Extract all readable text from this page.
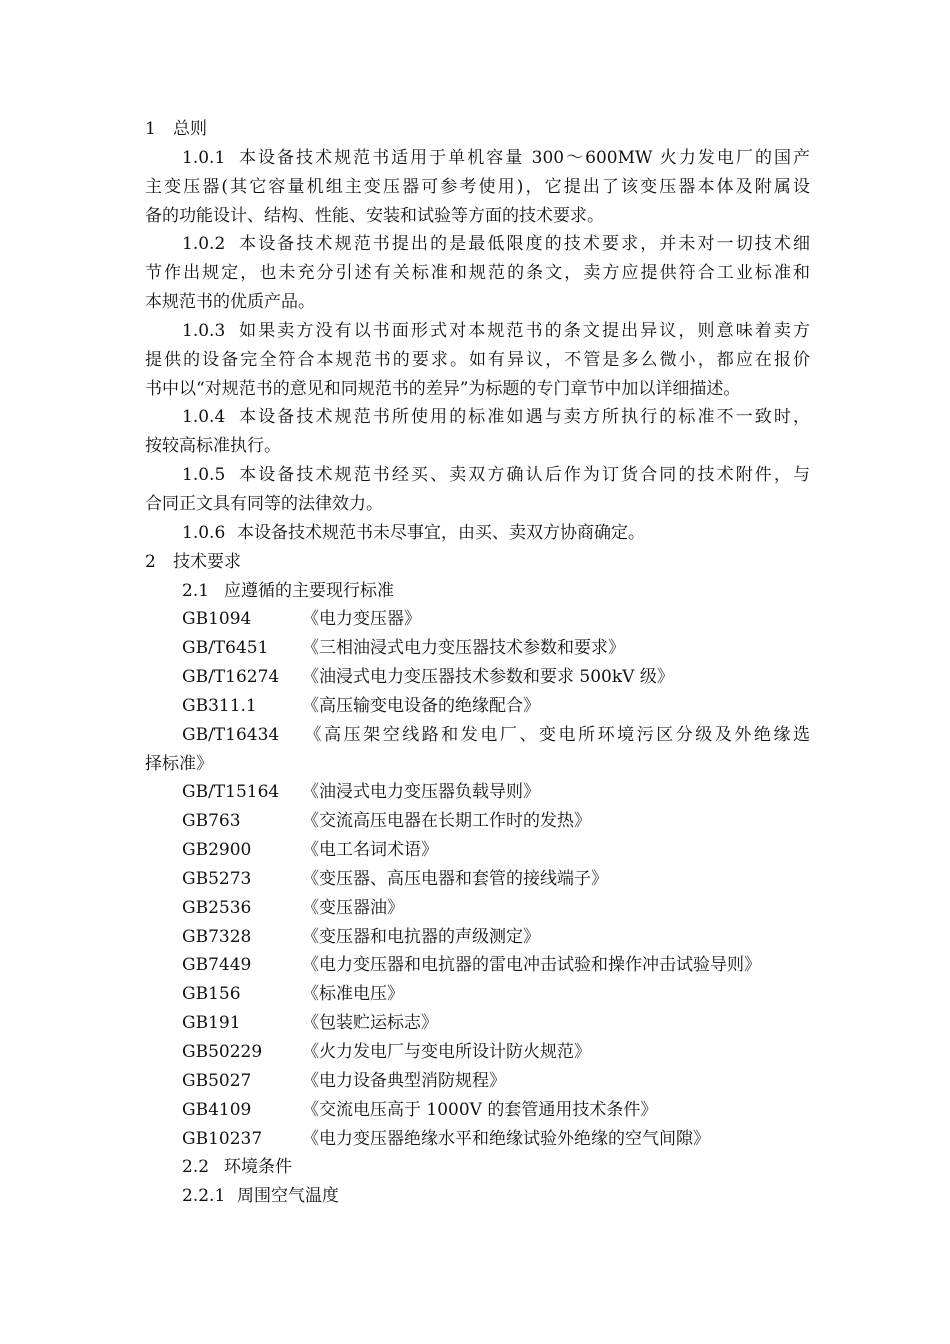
1 总则
1.0.1 本设备技术规范书适用于单机容量 300～600MW 火力发电厂的国产
主变压器(其它容量机组主变压器可参考使用)，它提出了该变压器本体及附属设
备的功能设计、结构、性能、安装和试验等方面的技术要求。
1.0.2 本设备技术规范书提出的是最低限度的技术要求，并未对一切技术细
节作出规定，也未充分引述有关标准和规范的条文，卖方应提供符合工业标准和
本规范书的优质产品。
1.0.3 如果卖方没有以书面形式对本规范书的条文提出异议，则意味着卖方
提供的设备完全符合本规范书的要求。如有异议，不管是多么微小，都应在报价
书中以“对规范书的意见和同规范书的差异”为标题的专门章节中加以详细描述。
1.0.4 本设备技术规范书所使用的标准如遇与卖方所执行的标准不一致时，
按较高标准执行。
1.0.5 本设备技术规范书经买、卖双方确认后作为订货合同的技术附件，与
合同正文具有同等的法律效力。
1.0.6 本设备技术规范书未尽事宜，由买、卖双方协商确定。
2 技术要求
2.1 应遵循的主要现行标准
GB1094	《电力变压器》
GB/T6451 《三相油浸式电力变压器技术参数和要求》
GB/T16274 《油浸式电力变压器技术参数和要求 500kV 级》
GB311.1	《高压输变电设备的绝缘配合》
GB/T16434 《高压架空线路和发电厂、变电所环境污区分级及外绝缘选
择标准》
GB/T15164 《油浸式电力变压器负载导则》
GB763	《交流高压电器在长期工作时的发热》
GB2900	《电工名词术语》
GB5273	《变压器、高压电器和套管的接线端子》
GB2536	《变压器油》
GB7328	《变压器和电抗器的声级测定》
GB7449	《电力变压器和电抗器的雷电冲击试验和操作冲击试验导则》
GB156	《标准电压》
GB191	《包装贮运标志》
GB50229 《火力发电厂与变电所设计防火规范》
GB5027	《电力设备典型消防规程》
GB4109	《交流电压高于 1000V 的套管通用技术条件》
GB10237 《电力变压器绝缘水平和绝缘试验外绝缘的空气间隙》
2.2 环境条件
2.2.1 周围空气温度
